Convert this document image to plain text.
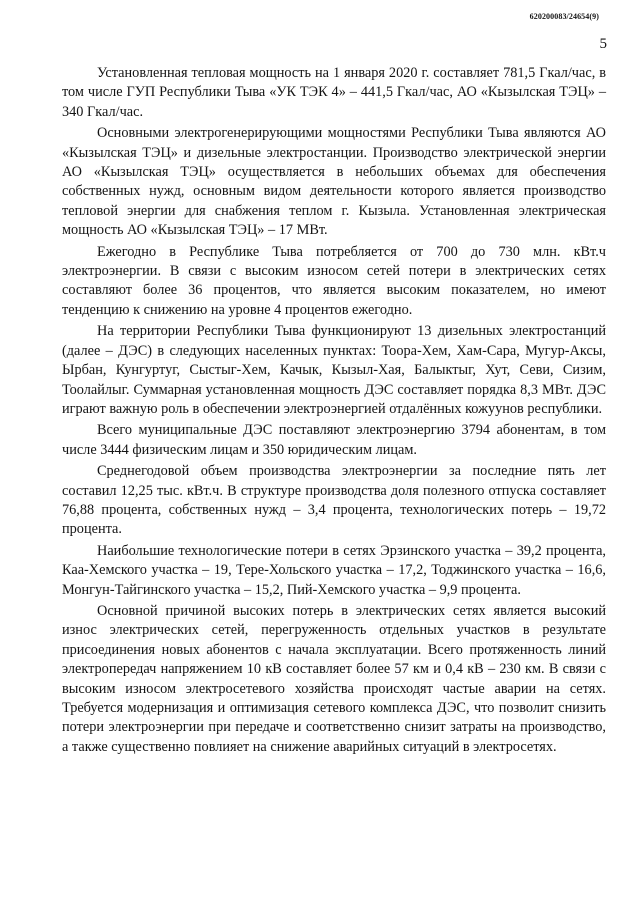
620200083/24654(9)
5

Установленная тепловая мощность на 1 января 2020 г. составляет 781,5 Гкал/час, в том числе ГУП Республики Тыва «УК ТЭК 4» – 441,5 Гкал/час, АО «Кызылская ТЭЦ» – 340 Гкал/час.

Основными электрогенерирующими мощностями Республики Тыва являются АО «Кызылская ТЭЦ» и дизельные электростанции. Производство электрической энергии АО «Кызылская ТЭЦ» осуществляется в небольших объемах для обеспечения собственных нужд, основным видом деятельности которого является производство тепловой энергии для снабжения теплом г. Кызыла. Установленная электрическая мощность АО «Кызылская ТЭЦ» – 17 МВт.

Ежегодно в Республике Тыва потребляется от 700 до 730 млн. кВт.ч электроэнергии. В связи с высоким износом сетей потери в электрических сетях составляют более 36 процентов, что является высоким показателем, но имеют тенденцию к снижению на уровне 4 процентов ежегодно.

На территории Республики Тыва функционируют 13 дизельных электростанций (далее – ДЭС) в следующих населенных пунктах: Тоора-Хем, Хам-Сара, Мугур-Аксы, Ырбан, Кунгуртуг, Сыстыг-Хем, Качык, Кызыл-Хая, Балыктыг, Хут, Севи, Сизим, Тоолайлыг. Суммарная установленная мощность ДЭС составляет порядка 8,3 МВт. ДЭС играют важную роль в обеспечении электроэнергией отдалённых кожуунов республики.

Всего муниципальные ДЭС поставляют электроэнергию 3794 абонентам, в том числе 3444 физическим лицам и 350 юридическим лицам.

Среднегодовой объем производства электроэнергии за последние пять лет составил 12,25 тыс. кВт.ч. В структуре производства доля полезного отпуска составляет 76,88 процента, собственных нужд – 3,4 процента, технологических потерь – 19,72 процента.

Наибольшие технологические потери в сетях Эрзинского участка – 39,2 процента, Каа-Хемского участка – 19, Тере-Хольского участка – 17,2, Тоджинского участка – 16,6, Монгун-Тайгинского участка – 15,2, Пий-Хемского участка – 9,9 процента.

Основной причиной высоких потерь в электрических сетях является высокий износ электрических сетей, перегруженность отдельных участков в результате присоединения новых абонентов с начала эксплуатации. Всего протяженность линий электропередач напряжением 10 кВ составляет более 57 км и 0,4 кВ – 230 км. В связи с высоким износом электросетевого хозяйства происходят частые аварии на сетях. Требуется модернизация и оптимизация сетевого комплекса ДЭС, что позволит снизить потери электроэнергии при передаче и соответственно снизит затраты на производство, а также существенно повлияет на снижение аварийных ситуаций в электросетях.
